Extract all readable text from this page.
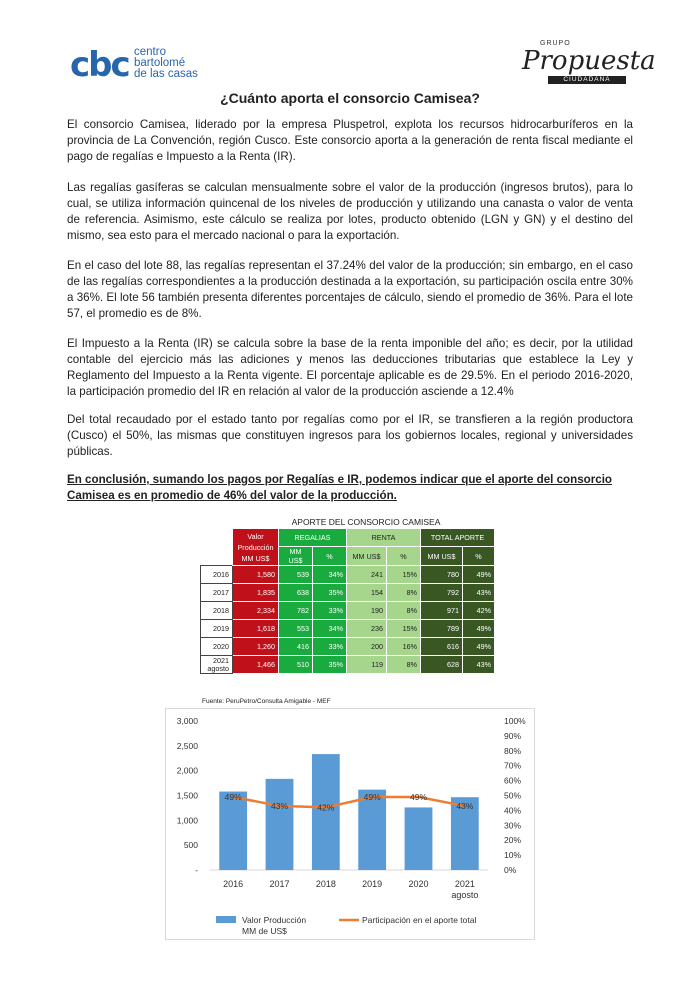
cbc centro
bartolomé
de las casas
GRUPO
Propuesta
CIUDADANA
¿Cuánto aporta el consorcio Camisea?

El consorcio Camisea, liderado por la empresa Pluspetrol, explota los recursos hidrocarburíferos en la provincia de La Convención, región Cusco. Este consorcio aporta a la generación de renta fiscal mediante el pago de regalías e Impuesto a la Renta (IR).

Las regalías gasíferas se calculan mensualmente sobre el valor de la producción (ingresos brutos), para lo cual, se utiliza información quincenal de los niveles de producción y utilizando una canasta o valor de venta de referencia. Asimismo, este cálculo se realiza por lotes, producto obtenido (LGN y GN) y el destino del mismo, sea esto para el mercado nacional o para la exportación.

En el caso del lote 88, las regalías representan el 37.24% del valor de la producción; sin embargo, en el caso de las regalías correspondientes a la producción destinada a la exportación, su participación oscila entre 30% a 36%. El lote 56 también presenta diferentes porcentajes de cálculo, siendo el promedio de 36%. Para el lote 57, el promedio es de 8%.

El Impuesto a la Renta (IR) se calcula sobre la base de la renta imponible del año; es decir, por la utilidad contable del ejercicio más las adiciones y menos las deducciones tributarias que establece la Ley y Reglamento del Impuesto a la Renta vigente. El porcentaje aplicable es de 29.5%. En el periodo 2016-2020, la participación promedio del IR en relación al valor de la producción asciende a 12.4%

Del total recaudado por el estado tanto por regalías como por el IR, se transfieren a la región productora (Cusco) el 50%, las mismas que constituyen ingresos para los gobiernos locales, regional y universidades públicas.

En conclusión, sumando los pagos por Regalías e IR, podemos indicar que el aporte del consorcio Camisea es en promedio de 46% del valor de la producción.

APORTE DEL CONSORCIO CAMISEA
	Valor Producción MM US$	REGALIAS		RENTA		TOTAL APORTE	
		MM US$	%	MM US$	%	MM US$	%
2016	1,580	539	34%	241	15%	780	49%
2017	1,835	638	35%	154	8%	792	43%
2018	2,334	782	33%	190	8%	971	42%
2019	1,618	553	34%	236	15%	789	49%
2020	1,260	416	33%	200	16%	616	49%
2021 agosto	1,466	510	35%	119	8%	628	43%
Fuente: PeruPetro/Consulta Amigable - MEF
3,000
2,500
2,000
1,500
1,000
500
-
100%
90%
80%
70%
60%
50%
40%
30%
20%
10%
0%
49%
43%	42%
49%	49%
43%
2016	2017	2018	2019	2020	2021
agosto
Valor Producción
MM de US$
Participación en el aporte total
